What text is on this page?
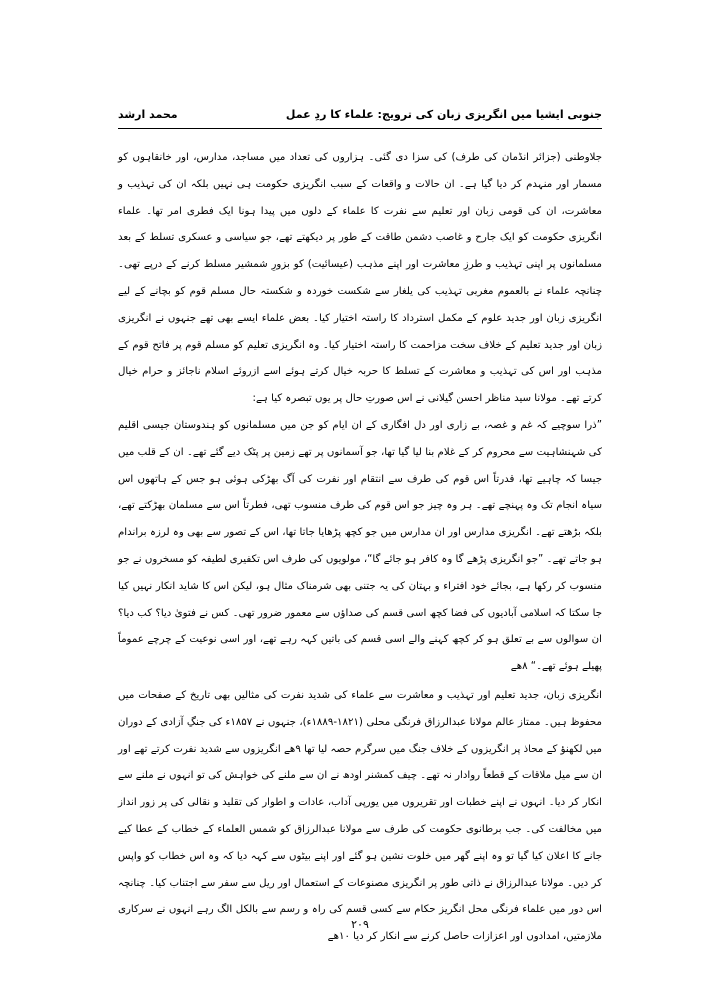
جنوبی ایشیا میں انگریزی زبان کی ترویج: علماء کا ردِ عمل
محمد ارشد

جلاوطنی (جزائر انڈمان کی طرف) کی سزا دی گئی۔ ہزاروں کی تعداد میں مساجد، مدارس، اور خانقاہوں کو مسمار اور منہدم کر دیا گیا ہے۔ ان حالات و واقعات کے سبب انگریزی حکومت ہی نہیں بلکہ ان کی تہذیب و معاشرت، ان کی قومی زبان اور تعلیم سے نفرت کا علماء کے دلوں میں پیدا ہونا ایک فطری امر تھا۔ علماء انگریزی حکومت کو ایک جارح و غاصب دشمن طاقت کے طور پر دیکھتے تھے، جو سیاسی و عسکری تسلط کے بعد مسلمانوں پر اپنی تہذیب و طرزِ معاشرت اور اپنے مذہب (عیسائیت) کو بزورِ شمشیر مسلط کرنے کے درپے تھی۔ چنانچہ علماء نے بالعموم مغربی تہذیب کی یلغار سے شکست خوردہ و شکستہ حال مسلم قوم کو بچانے کے لیے انگریزی زبان اور جدید علوم کے مکمل استرداد کا راستہ اختیار کیا۔ بعض علماء ایسے بھی تھے جنہوں نے انگریزی زبان اور جدید تعلیم کے خلاف سخت مزاحمت کا راستہ اختیار کیا۔ وہ انگریزی تعلیم کو مسلم قوم پر فاتح قوم کے مذہب اور اس کی تہذیب و معاشرت کے تسلط کا حربہ خیال کرتے ہوئے اسے ازروئے اسلام ناجائز و حرام خیال کرتے تھے۔ مولانا سید مناظر احسن گیلانی نے اس صورتِ حال پر یوں تبصرہ کیا ہے:

”ذرا سوچیے کہ غم و غصہ، بے زاری اور دل افگاری کے ان ایام کو جن میں مسلمانوں کو ہندوستان جیسی اقلیم کی شہنشاہیت سے محروم کر کے غلام بنا لیا گیا تھا، جو آسمانوں پر تھے زمین پر پٹک دیے گئے تھے۔ ان کے قلب میں جیسا کہ چاہیے تھا، قدرتاً اس قوم کی طرف سے انتقام اور نفرت کی آگ بھڑکی ہوئی ہو جس کے ہاتھوں اس سیاہ انجام تک وہ پہنچے تھے۔ ہر وہ چیز جو اس قوم کی طرف منسوب تھی، فطرتاً اس سے مسلمان بھڑکتے تھے، بلکہ بڑھتے تھے۔ انگریزی مدارس اور ان مدارس میں جو کچھ پڑھایا جاتا تھا، اس کے تصور سے بھی وہ لرزہ براندام ہو جاتے تھے۔ ”جو انگریزی پڑھے گا وہ کافر ہو جائے گا“، مولویوں کی طرف اس تکفیری لطیفہ کو مسخروں نے جو منسوب کر رکھا ہے، بجائے خود افتراء و بہتان کی یہ جتنی بھی شرمناک مثال ہو، لیکن اس کا شاید انکار نہیں کیا جا سکتا کہ اسلامی آبادیوں کی فضا کچھ اسی قسم کی صداؤں سے معمور ضرور تھی۔ کس نے فتویٰ دیا؟ کب دیا؟ ان سوالوں سے بے تعلق ہو کر کچھ کہنے والے اسی قسم کی باتیں کہہ رہے تھے، اور اسی نوعیت کے چرچے عموماً پھیلے ہوئے تھے۔“ ۸ھے

انگریزی زبان، جدید تعلیم اور تہذیب و معاشرت سے علماء کی شدید نفرت کی مثالیں بھی تاریخ کے صفحات میں محفوظ ہیں۔ ممتاز عالم مولانا عبدالرزاق فرنگی محلی (۱۸۲۱-۱۸۸۹ء)، جنہوں نے ۱۸۵۷ء کی جنگِ آزادی کے دوران میں لکھنؤ کے محاذ پر انگریزوں کے خلاف جنگ میں سرگرم حصہ لیا تھا ۹ھے انگریزوں سے شدید نفرت کرتے تھے اور ان سے میل ملاقات کے قطعاً روادار نہ تھے۔ چیف کمشنر اودھ نے ان سے ملنے کی خواہش کی تو انہوں نے ملنے سے انکار کر دیا۔ انہوں نے اپنے خطبات اور تقریروں میں یورپی آداب، عادات و اطوار کی تقلید و نقالی کی پر زور انداز میں مخالفت کی۔ جب برطانوی حکومت کی طرف سے مولانا عبدالرزاق کو شمس العلماء کے خطاب کے عطا کیے جانے کا اعلان کیا گیا تو وہ اپنے گھر میں خلوت نشین ہو گئے اور اپنے بیٹوں سے کہہ دیا کہ وہ اس خطاب کو واپس کر دیں۔ مولانا عبدالرزاق نے ذاتی طور پر انگریزی مصنوعات کے استعمال اور ریل سے سفر سے اجتناب کیا۔ چنانچہ اس دور میں علماء فرنگی محل انگریز حکام سے کسی قسم کی راہ و رسم سے بالکل الگ رہے انہوں نے سرکاری ملازمتیں، امدادوں اور اعزازات حاصل کرنے سے انکار کر دیا ۱۰ھے

۲۰۹
